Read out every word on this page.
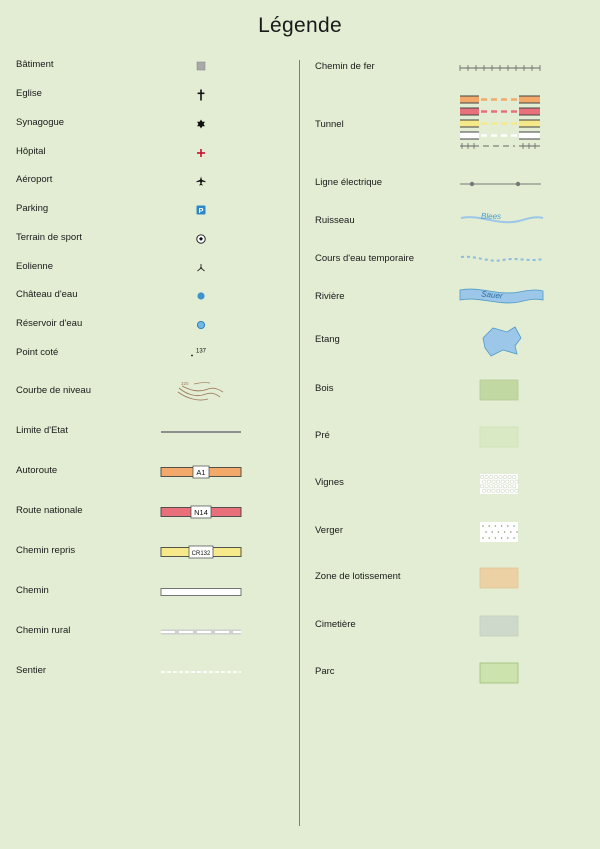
Légende
Bâtiment
Eglise
Synagogue
Hôpital
Aéroport
Parking	P
Terrain de sport
Eolienne
Château d'eau
Réservoir d'eau
Point coté	137
Courbe de niveau
320
Limite d'Etat
Autoroute	A1
Route nationale	N14
Chemin repris	CR132
Chemin
Chemin rural
Sentier
Chemin de fer
Tunnel
Ligne électrique
Ruisseau	Blees
Cours d'eau temporaire
Rivière	Sauer
Etang
Bois
Pré
Vignes
Verger
Zone de lotissement
Cimetière
Parc
